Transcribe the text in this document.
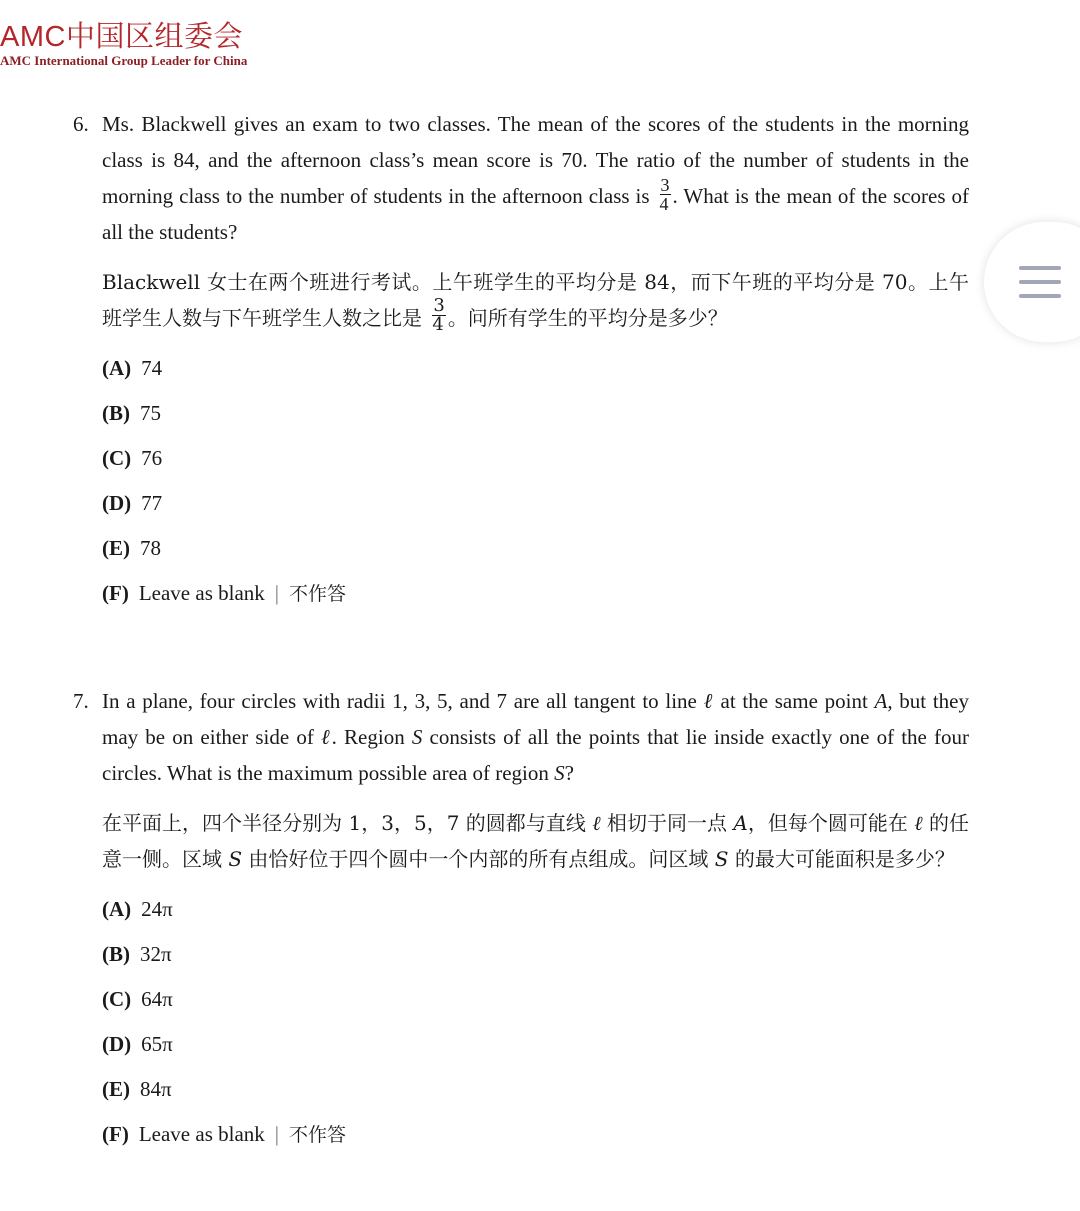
AMC中国区组委会
AMC International Group Leader for China
6. Ms. Blackwell gives an exam to two classes. The mean of the scores of the students in the morning class is 84, and the afternoon class’s mean score is 70. The ratio of the number of students in the morning class to the number of students in the afternoon class is $\frac{3}{4}$ . What is the mean of the scores of all the students?
Blackwell 女士在两个班进行考试。上午班学生的平均分是 84，而下午班的平均分是 70。上午班学生人数与下午班学生人数之比是 $\frac{3}{4}$ 。问所有学生的平均分是多少？
(A) 74
(B) 75
(C) 76
(D) 77
(E) 78
(F) Leave as blank | 不作答
7. In a plane, four circles with radii 1, 3, 5, and 7 are all tangent to line ℓ at the same point A, but they may be on either side of ℓ. Region S consists of all the points that lie inside exactly one of the four circles. What is the maximum possible area of region S?
在平面上，四个半径分别为 1，3，5，7 的圆都与直线 ℓ 相切于同一点 A，但每个圆可能在 ℓ 的任意一侧。区域 S 由恰好位于四个圆中一个内部的所有点组成。问区域 S 的最大可能面积是多少？
(A) 24π
(B) 32π
(C) 64π
(D) 65π
(E) 84π
(F) Leave as blank | 不作答
